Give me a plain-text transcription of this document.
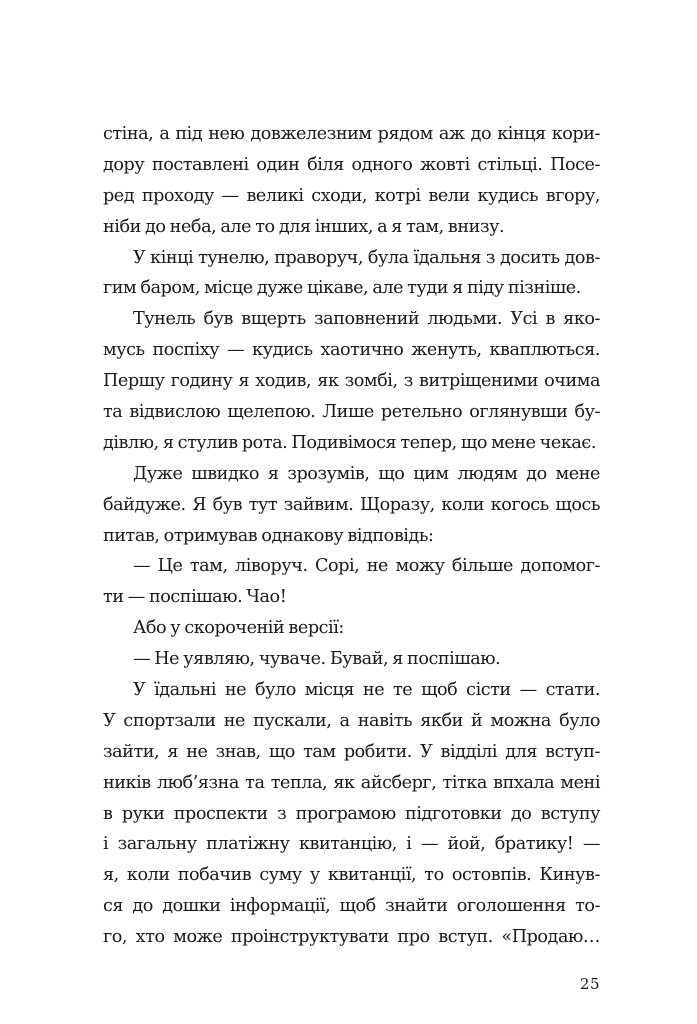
стіна, а під нею довжелезним рядом аж до кінця кори-
дору поставлені один біля одного жовті стільці. Посе-
ред проходу — великі сходи, котрі вели кудись вгору,
ніби до неба, але то для інших, а я там, внизу.
У кінці тунелю, праворуч, була їдальня з досить дов-
гим баром, місце дуже цікаве, але туди я піду пізніше.
Тунель був вщерть заповнений людьми. Усі в яко-
мусь поспіху — кудись хаотично женуть, кваплються.
Першу годину я ходив, як зомбі, з витріщеними очима
та відвислою щелепою. Лише ретельно оглянувши бу-
дівлю, я стулив рота. Подивімося тепер, що мене чекає.
Дуже швидко я зрозумів, що цим людям до мене
байдуже. Я був тут зайвим. Щоразу, коли когось щось
питав, отримував однакову відповідь:
— Це там, ліворуч. Сорі, не можу більше допомог-
ти — поспішаю. Чао!
Або у скороченій версії:
— Не уявляю, чуваче. Бувай, я поспішаю.
У їдальні не було місця не те щоб сісти — стати.
У спортзали не пускали, а навіть якби й можна було
зайти, я не знав, що там робити. У відділі для вступ-
ників люб’язна та тепла, як айсберг, тітка впхала мені
в руки проспекти з програмою підготовки до вступу
і загальну платіжну квитанцію, і — йой, братику! —
я, коли побачив суму у квитанції, то остовпів. Кинув-
ся до дошки інформації, щоб знайти оголошення то-
го, хто може проінструктувати про вступ. «Продаю…
25
